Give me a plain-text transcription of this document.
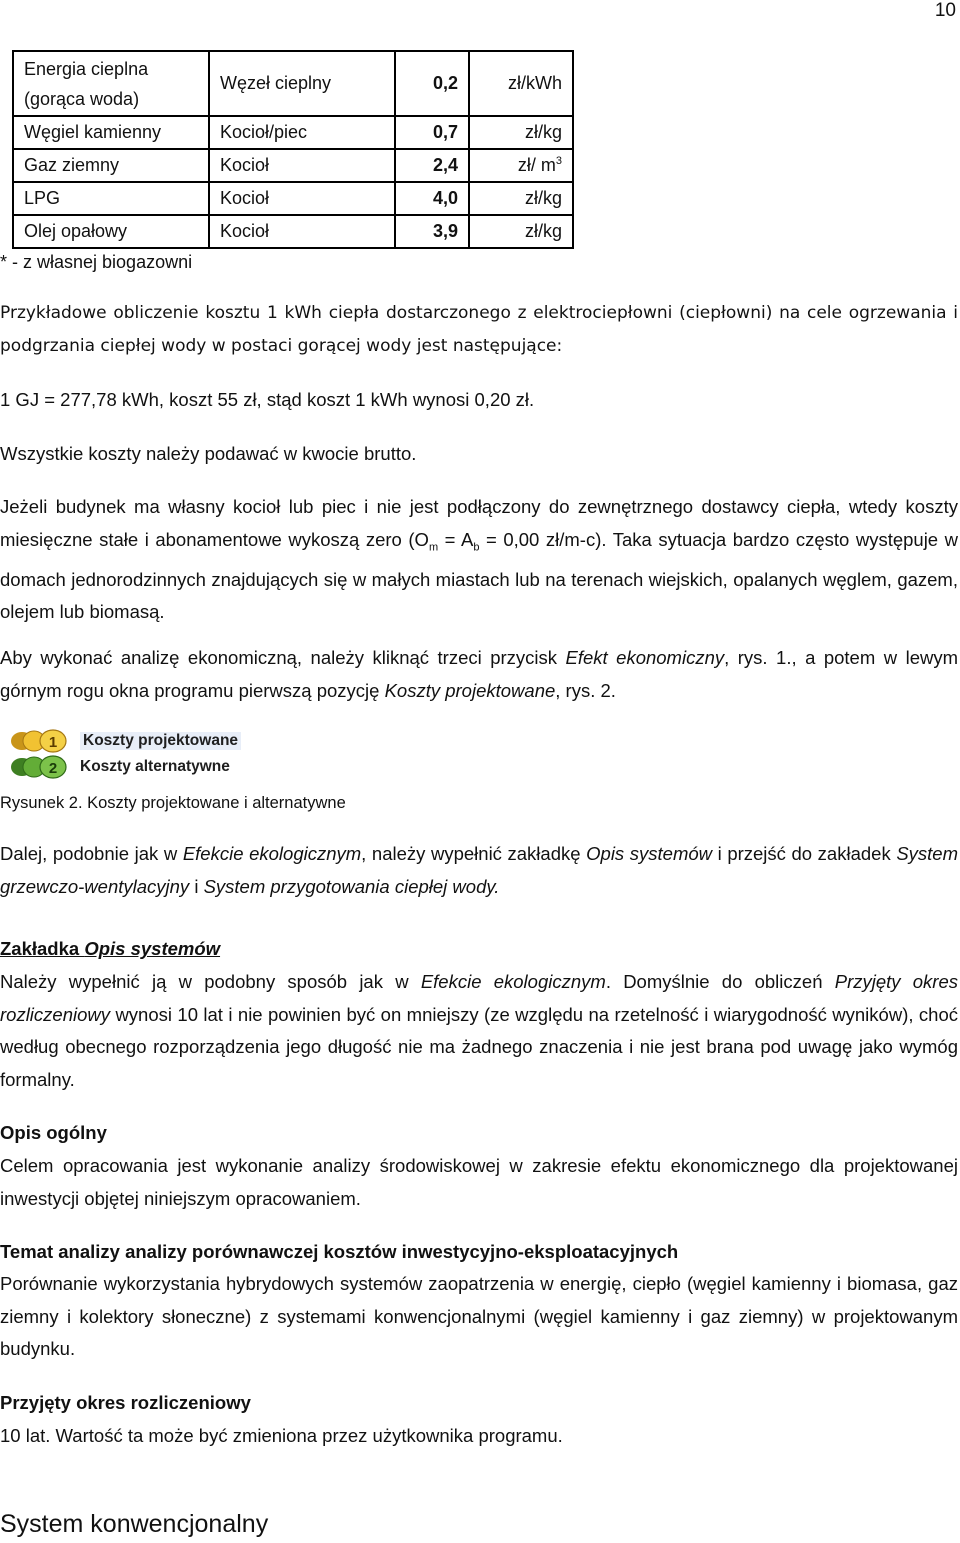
10
Energia cieplna (gorąca woda)	Węzeł cieplny	0,2	zł/kWh
Węgiel kamienny	Kocioł/piec	0,7	zł/kg
Gaz ziemny	Kocioł	2,4	zł/ $m^3$
LPG	Kocioł	4,0	zł/kg
Olej opałowy	Kocioł	3,9	zł/kg
* - z własnej biogazowni
Przykładowe obliczenie kosztu 1 kWh ciepła dostarczonego z elektrociepłowni (ciepłowni) na cele ogrzewania i podgrzania ciepłej wody w postaci gorącej wody jest następujące:
1 GJ = 277,78 kWh, koszt 55 zł, stąd koszt 1 kWh wynosi 0,20 zł.
Wszystkie koszty należy podawać w kwocie brutto.
Jeżeli budynek ma własny kocioł lub piec i nie jest podłączony do zewnętrznego dostawcy ciepła, wtedy koszty miesięczne stałe i abonamentowe wykoszą zero ($O_m = A_b = 0,00$ zł/m-c). Taka sytuacja bardzo często występuje w domach jednorodzinnych znajdujących się w małych miastach lub na terenach wiejskich, opalanych węglem, gazem, olejem lub biomasą.
Aby wykonać analizę ekonomiczną, należy kliknąć trzeci przycisk Efekt ekonomiczny, rys. 1., a potem w lewym górnym rogu okna programu pierwszą pozycję Koszty projektowane, rys. 2.
1 Koszty projektowane
2 Koszty alternatywne
Rysunek 2. Koszty projektowane i alternatywne
Dalej, podobnie jak w Efekcie ekologicznym, należy wypełnić zakładkę Opis systemów i przejść do zakładek System grzewczo-wentylacyjny i System przygotowania ciepłej wody.
Zakładka Opis systemów
Należy wypełnić ją w podobny sposób jak w Efekcie ekologicznym. Domyślnie do obliczeń Przyjęty okres rozliczeniowy wynosi 10 lat i nie powinien być on mniejszy (ze względu na rzetelność i wiarygodność wyników), choć według obecnego rozporządzenia jego długość nie ma żadnego znaczenia i nie jest brana pod uwagę jako wymóg formalny.
Opis ogólny
Celem opracowania jest wykonanie analizy środowiskowej w zakresie efektu ekonomicznego dla projektowanej inwestycji objętej niniejszym opracowaniem.
Temat analizy analizy porównawczej kosztów inwestycyjno-eksploatacyjnych
Porównanie wykorzystania hybrydowych systemów zaopatrzenia w energię, ciepło (węgiel kamienny i biomasa, gaz ziemny i kolektory słoneczne) z systemami konwencjonalnymi (węgiel kamienny i gaz ziemny) w projektowanym budynku.
Przyjęty okres rozliczeniowy
10 lat. Wartość ta może być zmieniona przez użytkownika programu.
System konwencjonalny
